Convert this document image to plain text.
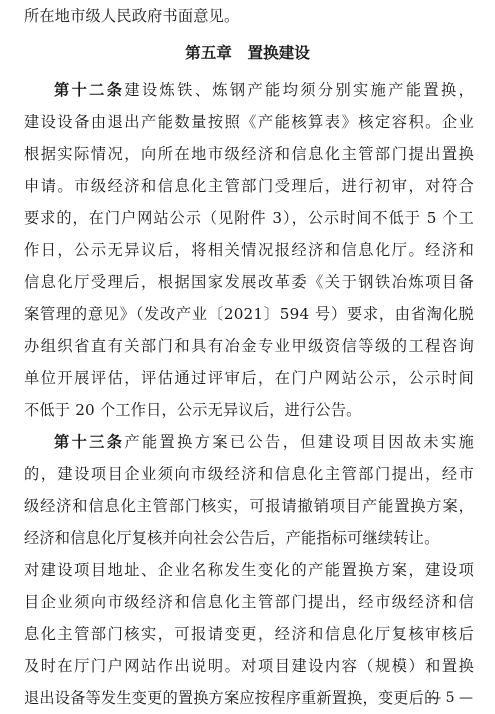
所在地市级人民政府书面意见。
第五章　置换建设
第十二条建设炼铁、炼钢产能均须分别实施产能置换，
建设设备由退出产能数量按照《产能核算表》核定容积。企业
根据实际情况，向所在地市级经济和信息化主管部门提出置换
申请。市级经济和信息化主管部门受理后，进行初审，对符合
要求的，在门户网站公示（见附件 3），公示时间不低于 5 个工
作日，公示无异议后，将相关情况报经济和信息化厅。经济和
信息化厅受理后，根据国家发展改革委《关于钢铁冶炼项目备
案管理的意见》（发改产业〔2021〕594 号）要求，由省淘化脱
办组织省直有关部门和具有冶金专业甲级资信等级的工程咨询
单位开展评估，评估通过评审后，在门户网站公示，公示时间
不低于 20 个工作日，公示无异议后，进行公告。
第十三条产能置换方案已公告，但建设项目因故未实施
的，建设项目企业须向市级经济和信息化主管部门提出，经市
级经济和信息化主管部门核实，可报请撤销项目产能置换方案，
经济和信息化厅复核并向社会公告后，产能指标可继续转让。
对建设项目地址、企业名称发生变化的产能置换方案，建设项
目企业须向市级经济和信息化主管部门提出，经市级经济和信
息化主管部门核实，可报请变更，经济和信息化厅复核审核后
及时在厅门户网站作出说明。对项目建设内容（规模）和置换
退出设备等发生变更的置换方案应按程序重新置换，变更后的
— 5 —
